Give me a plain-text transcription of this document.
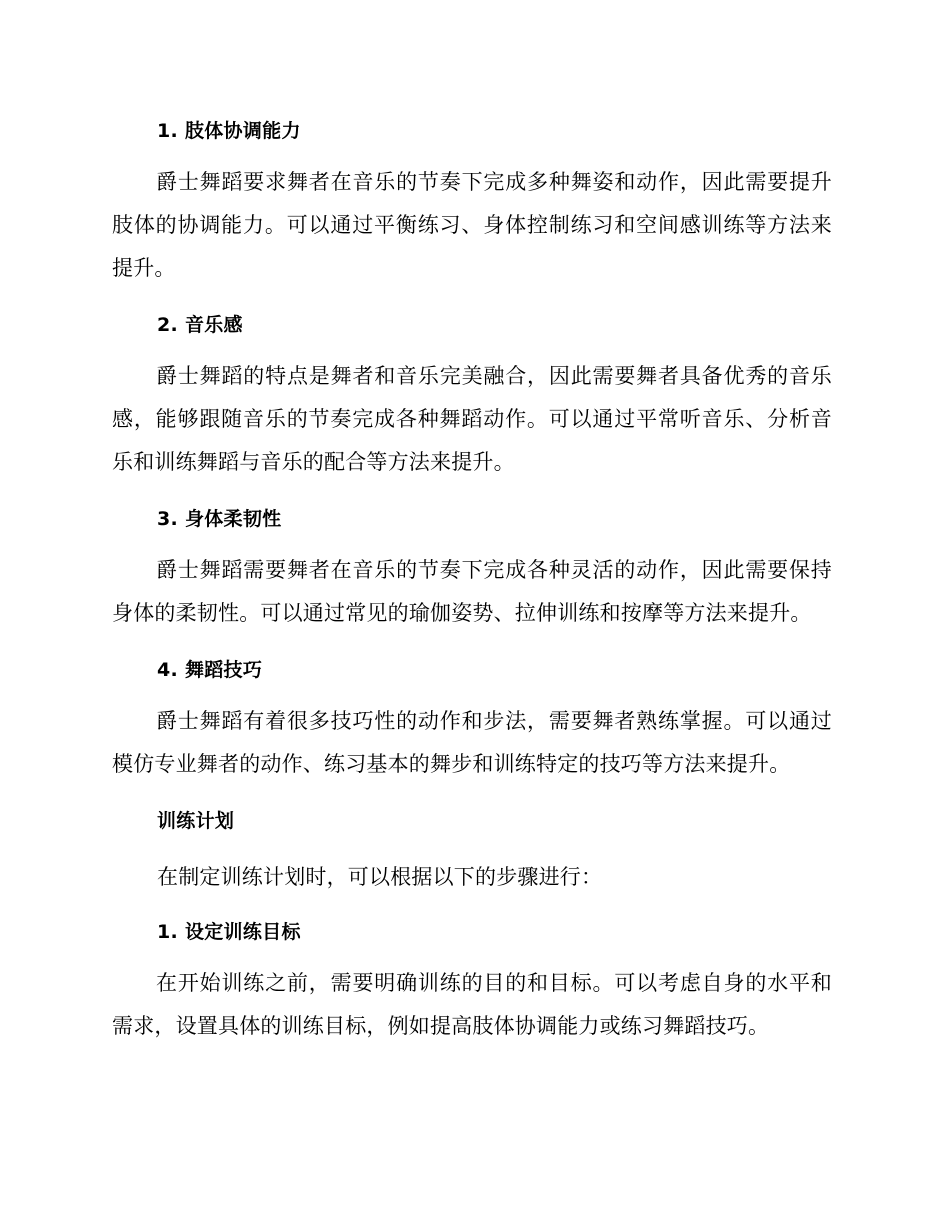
1. 肢体协调能力

爵士舞蹈要求舞者在音乐的节奏下完成多种舞姿和动作，因此需要提升肢体的协调能力。可以通过平衡练习、身体控制练习和空间感训练等方法来提升。

2. 音乐感

爵士舞蹈的特点是舞者和音乐完美融合，因此需要舞者具备优秀的音乐感，能够跟随音乐的节奏完成各种舞蹈动作。可以通过平常听音乐、分析音乐和训练舞蹈与音乐的配合等方法来提升。

3. 身体柔韧性

爵士舞蹈需要舞者在音乐的节奏下完成各种灵活的动作，因此需要保持身体的柔韧性。可以通过常见的瑜伽姿势、拉伸训练和按摩等方法来提升。

4. 舞蹈技巧

爵士舞蹈有着很多技巧性的动作和步法，需要舞者熟练掌握。可以通过模仿专业舞者的动作、练习基本的舞步和训练特定的技巧等方法来提升。

训练计划

在制定训练计划时，可以根据以下的步骤进行：

1. 设定训练目标

在开始训练之前，需要明确训练的目的和目标。可以考虑自身的水平和需求，设置具体的训练目标，例如提高肢体协调能力或练习舞蹈技巧。
